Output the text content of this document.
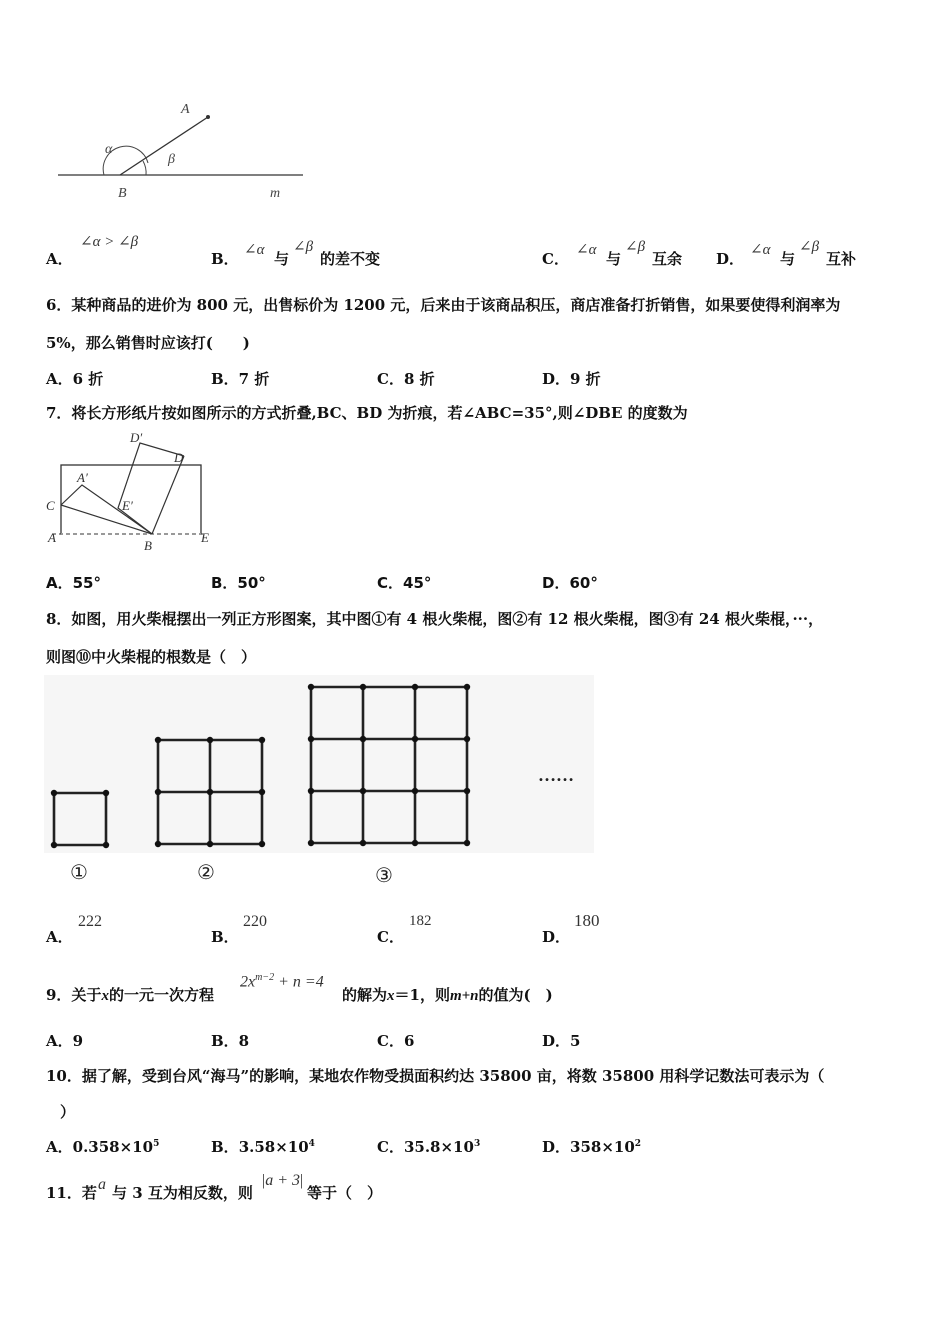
A
α
β
B	m
A．
∠α > ∠β
B． ∠α 与
∠β
的差不变	C． ∠α 与
∠β
互余 D． ∠α 与
∠β
互补
6．某种商品的进价为 800 元，出售标价为 1200 元，后来由于该商品积压，商店准备打折销售，如果要使得利润率为
5%，那么销售时应该打(　　)
A．6 折	B．7 折	C．8 折	D．9 折
7．将长方形纸片按如图所示的方式折叠,BC、BD 为折痕，若∠ABC=35°,则∠DBE 的度数为
D′
D
A′
C	E′
A
B
E
A．55°	B．50°	C．45°	D．60°
8．如图，用火柴棍摆出一列正方形图案，其中图①有 4 根火柴棍，图②有 12 根火柴棍，图③有 24 根火柴棍，···，
则图⑩中火柴棍的根数是（　）
①	②	③
……
A．
222
B．
220
C．
182
D．
180
9．关于x的一元一次方程
$2x^{m-2} + n =4$
的解为x＝1，则m+n的值为(　)
A．9	B．8	C．6	D．5
10．据了解，受到台风“海马”的影响，某地农作物受损面积约达 35800 亩，将数 35800 用科学记数法可表示为（
）
A．$0.358\times 10^5$	B．$3.58\times 10^4$	C．$35.8\times 10^3$	D．$358\times 10^2$
11．若 a 与 3 互为相反数，则
|a + 3|
等于（　）
